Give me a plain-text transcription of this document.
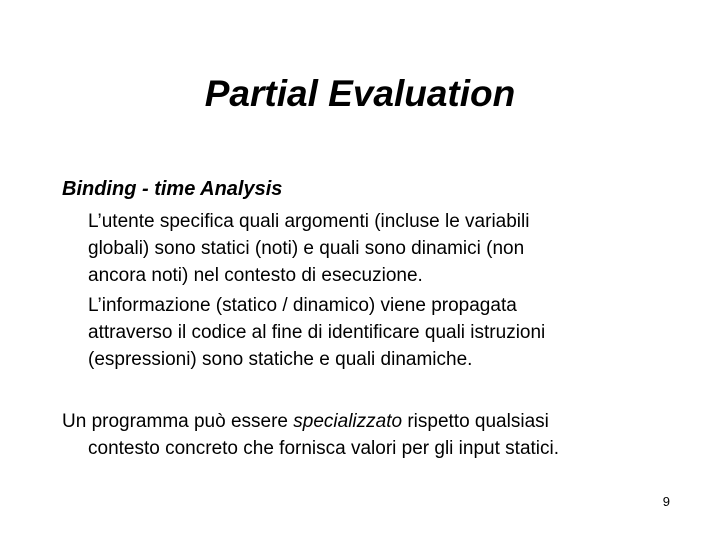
Partial Evaluation
Binding - time Analysis
L’utente specifica quali argomenti (incluse le variabili
globali) sono statici (noti) e quali sono dinamici (non
ancora noti) nel contesto di esecuzione.
L’informazione (statico / dinamico) viene propagata
attraverso il codice al fine di identificare quali istruzioni
(espressioni) sono statiche e quali dinamiche.
Un programma può essere specializzato rispetto qualsiasi
contesto concreto che fornisca valori per gli input statici.
9
